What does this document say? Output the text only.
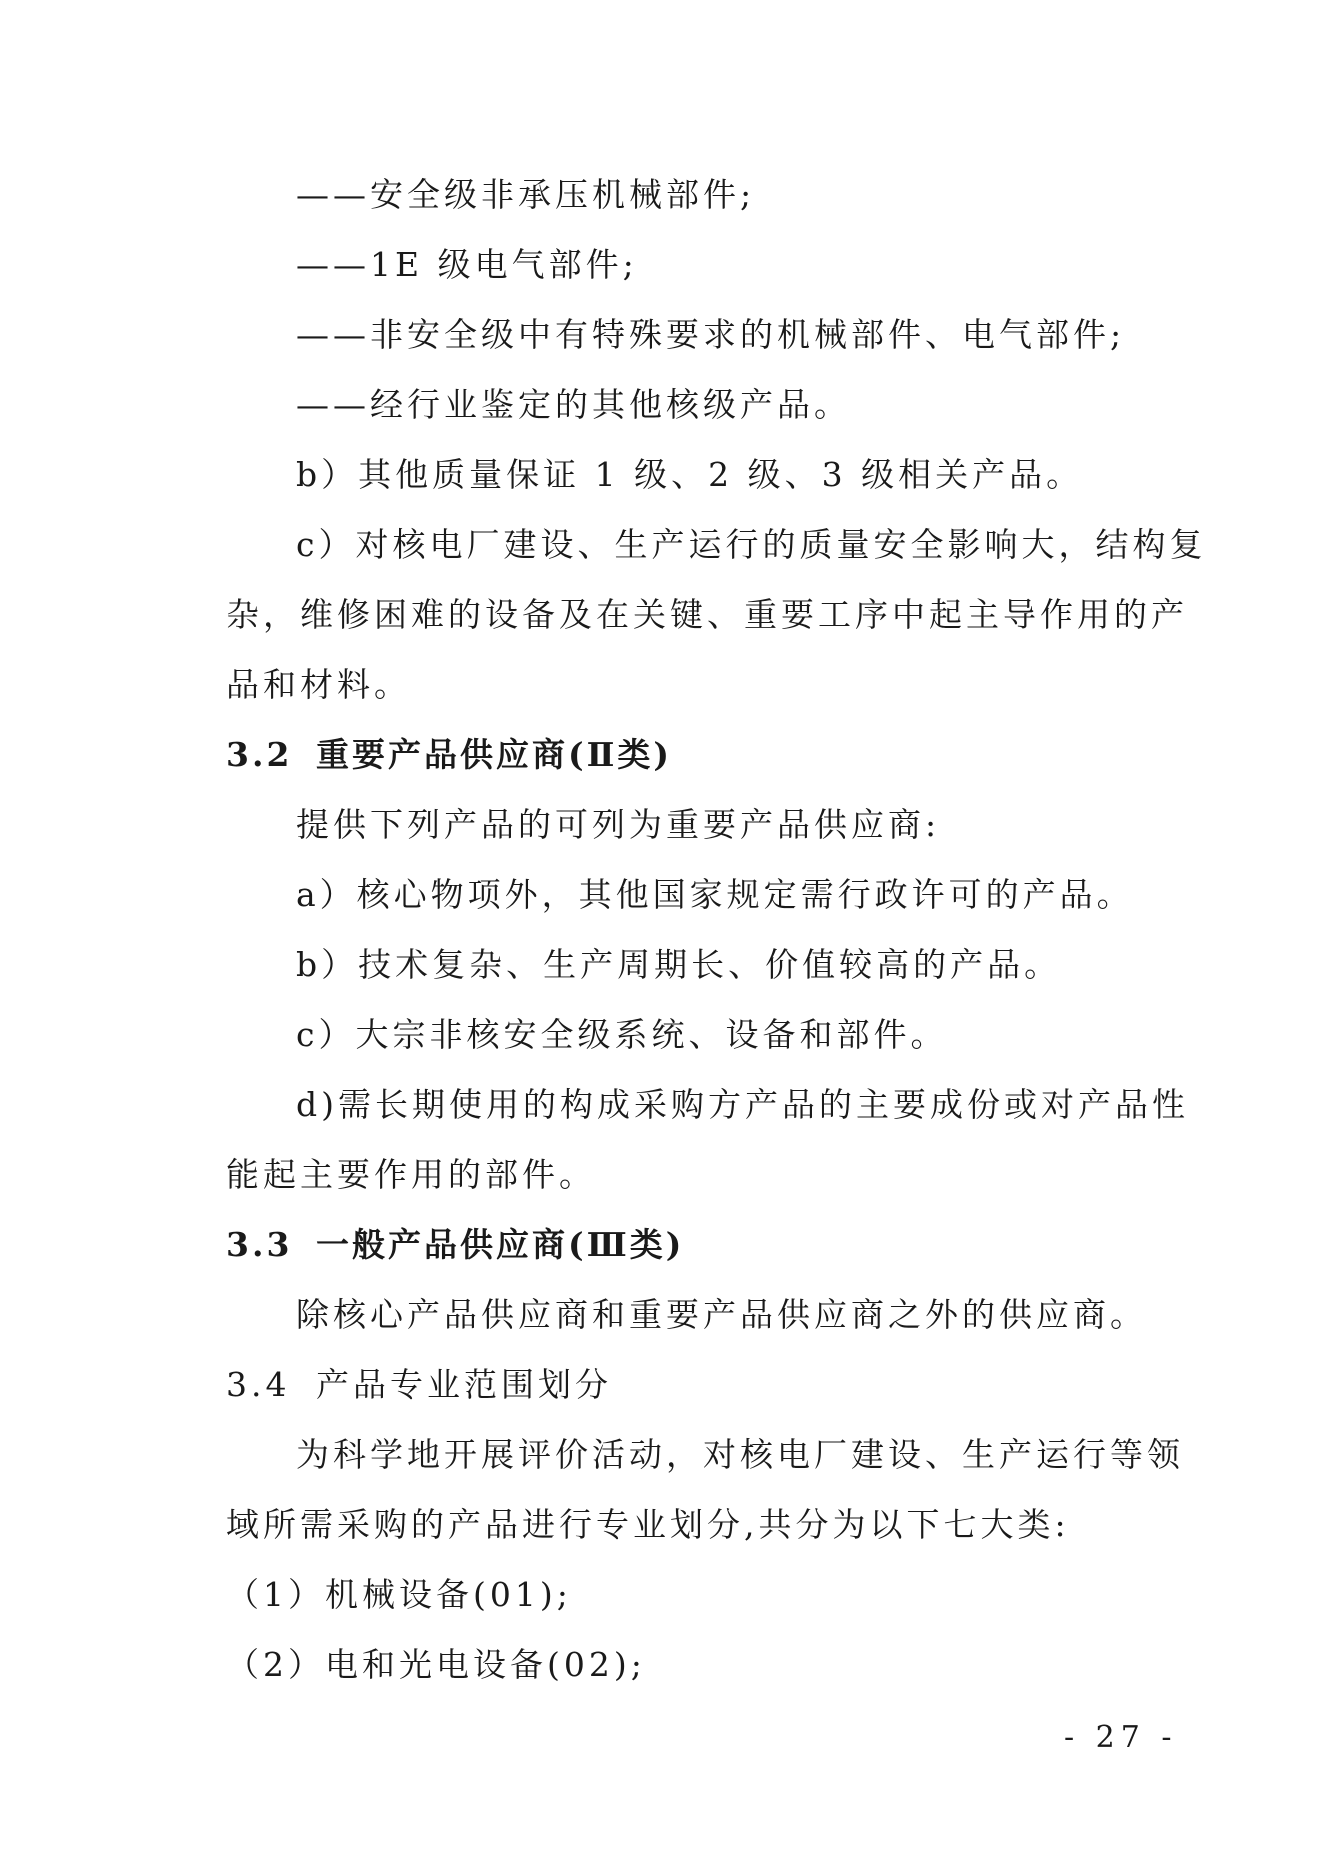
——安全级非承压机械部件;
——1E 级电气部件;
——非安全级中有特殊要求的机械部件、电气部件;
——经行业鉴定的其他核级产品。
b）其他质量保证 1 级、2 级、3 级相关产品。
c）对核电厂建设、生产运行的质量安全影响大，结构复
杂，维修困难的设备及在关键、重要工序中起主导作用的产
品和材料。
3.2 重要产品供应商(Ⅱ类)
提供下列产品的可列为重要产品供应商:
a）核心物项外，其他国家规定需行政许可的产品。
b）技术复杂、生产周期长、价值较高的产品。
c）大宗非核安全级系统、设备和部件。
d)需长期使用的构成采购方产品的主要成份或对产品性
能起主要作用的部件。
3.3 一般产品供应商(Ⅲ类)
除核心产品供应商和重要产品供应商之外的供应商。
3.4 产品专业范围划分
为科学地开展评价活动，对核电厂建设、生产运行等领
域所需采购的产品进行专业划分,共分为以下七大类:
（1）机械设备(01);
（2）电和光电设备(02);
- 27 -
